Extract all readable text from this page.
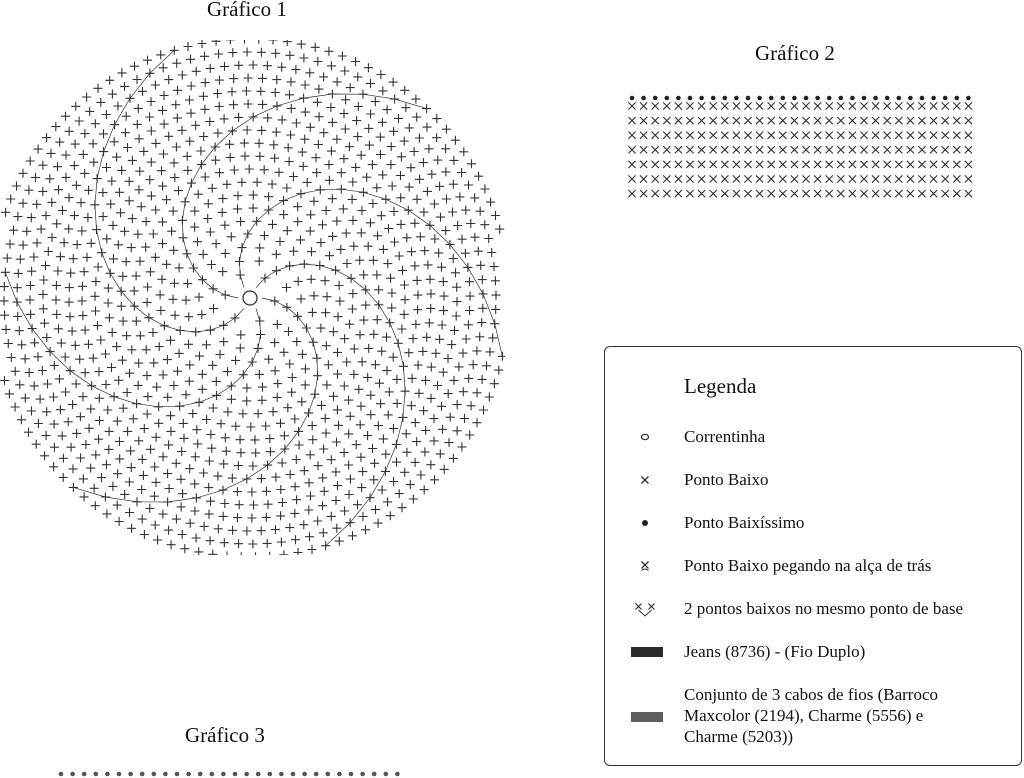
Gráfico 1
Gráfico 2
Gráfico 3
Legenda
Correntinha
Ponto Baixo
Ponto Baixíssimo
Ponto Baixo pegando na alça de trás
2 pontos baixos no mesmo ponto de base
Jeans (8736) - (Fio Duplo)
Conjunto de 3 cabos de fios (Barroco
Maxcolor (2194), Charme (5556) e
Charme (5203))
